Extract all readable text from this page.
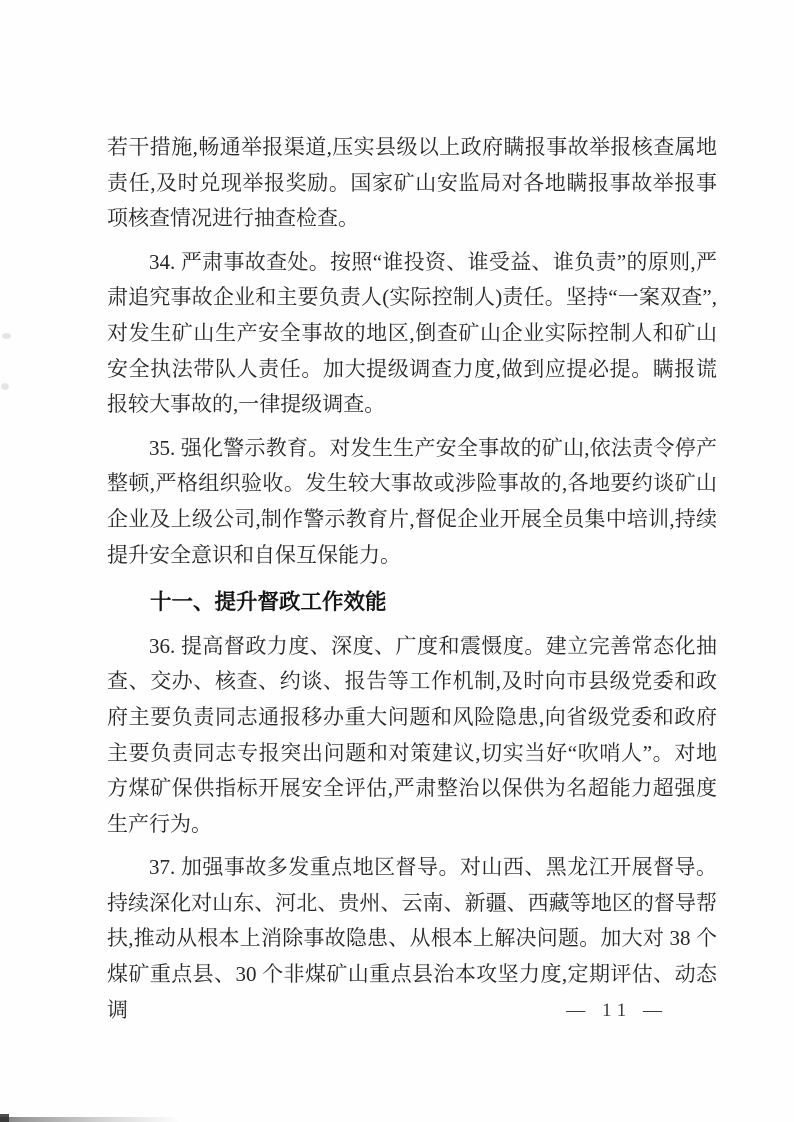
若干措施,畅通举报渠道,压实县级以上政府瞒报事故举报核查属地责任,及时兑现举报奖励。国家矿山安监局对各地瞒报事故举报事项核查情况进行抽查检查。

34. 严肃事故查处。按照“谁投资、谁受益、谁负责”的原则,严肃追究事故企业和主要负责人(实际控制人)责任。坚持“一案双查”,对发生矿山生产安全事故的地区,倒查矿山企业实际控制人和矿山安全执法带队人责任。加大提级调查力度,做到应提必提。瞒报谎报较大事故的,一律提级调查。

35. 强化警示教育。对发生生产安全事故的矿山,依法责令停产整顿,严格组织验收。发生较大事故或涉险事故的,各地要约谈矿山企业及上级公司,制作警示教育片,督促企业开展全员集中培训,持续提升安全意识和自保互保能力。

十一、提升督政工作效能

36. 提高督政力度、深度、广度和震慑度。建立完善常态化抽查、交办、核查、约谈、报告等工作机制,及时向市县级党委和政府主要负责同志通报移办重大问题和风险隐患,向省级党委和政府主要负责同志专报突出问题和对策建议,切实当好“吹哨人”。对地方煤矿保供指标开展安全评估,严肃整治以保供为名超能力超强度生产行为。

37. 加强事故多发重点地区督导。对山西、黑龙江开展督导。持续深化对山东、河北、贵州、云南、新疆、西藏等地区的督导帮扶,推动从根本上消除事故隐患、从根本上解决问题。加大对 38 个煤矿重点县、30 个非煤矿山重点县治本攻坚力度,定期评估、动态调	— 11 —
